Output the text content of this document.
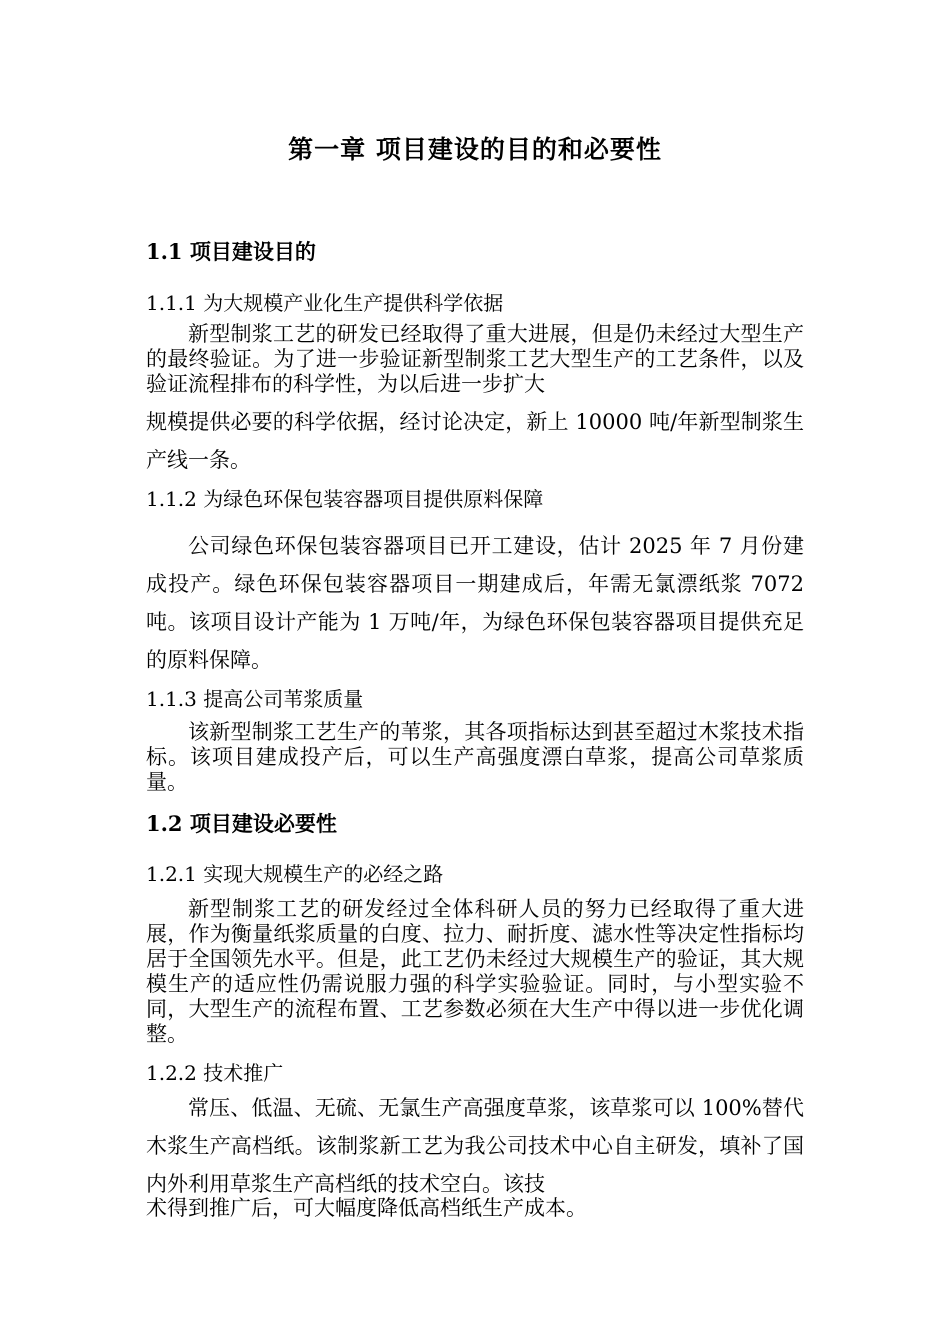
第一章 项目建设的目的和必要性
1.1 项目建设目的
1.1.1 为大规模产业化生产提供科学依据
新型制浆工艺的研发已经取得了重大进展，但是仍未经过大型生产的最终验证。为了进一步验证新型制浆工艺大型生产的工艺条件，以及验证流程排布的科学性，为以后进一步扩大
规模提供必要的科学依据，经讨论决定，新上 10000 吨/年新型制浆生产线一条。
1.1.2 为绿色环保包装容器项目提供原料保障
公司绿色环保包装容器项目已开工建设，估计 2025 年 7 月份建成投产。绿色环保包装容器项目一期建成后，年需无氯漂纸浆 7072 吨。该项目设计产能为 1 万吨/年，为绿色环保包装容器项目提供充足的原料保障。
1.1.3 提高公司苇浆质量
该新型制浆工艺生产的苇浆，其各项指标达到甚至超过木浆技术指标。该项目建成投产后，可以生产高强度漂白草浆，提高公司草浆质量。
1.2 项目建设必要性
1.2.1 实现大规模生产的必经之路
新型制浆工艺的研发经过全体科研人员的努力已经取得了重大进展，作为衡量纸浆质量的白度、拉力、耐折度、滤水性等决定性指标均居于全国领先水平。但是，此工艺仍未经过大规模生产的验证，其大规模生产的适应性仍需说服力强的科学实验验证。同时，与小型实验不同，大型生产的流程布置、工艺参数必须在大生产中得以进一步优化调整。
1.2.2 技术推广
常压、低温、无硫、无氯生产高强度草浆，该草浆可以 100%替代木浆生产高档纸。该制浆新工艺为我公司技术中心自主研发，填补了国内外利用草浆生产高档纸的技术空白。该技
术得到推广后，可大幅度降低高档纸生产成本。
